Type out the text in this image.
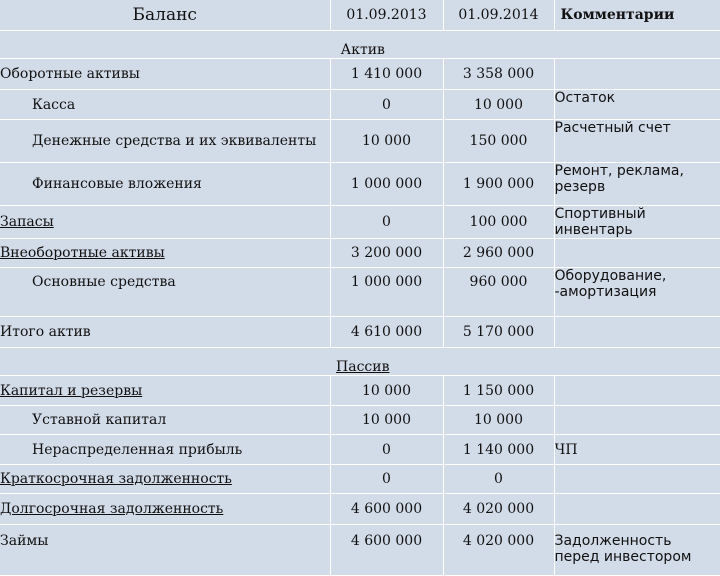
Баланс	01.09.2013	01.09.2014	Комментарии
Актив			
Оборотные активы	1 410 000	3 358 000	
Касса	0	10 000	Остаток
Денежные средства и их эквиваленты	10 000	150 000	Расчетный счет
Финансовые вложения	1 000 000	1 900 000	Ремонт, реклама, резерв
Запасы	0	100 000	Спортивный инвентарь
Внеоборотные активы	3 200 000	2 960 000	
Основные средства	1 000 000	960 000	Оборудование, -амортизация
Итого актив	4 610 000	5 170 000	
Пассив			
Капитал и резервы	10 000	1 150 000	
Уставной капитал	10 000	10 000	
Нераспределенная прибыль	0	1 140 000	ЧП
Краткосрочная задолженность	0	0	
Долгосрочная задолженность	4 600 000	4 020 000	
Займы	4 600 000	4 020 000	Задолженность перед инвестором
